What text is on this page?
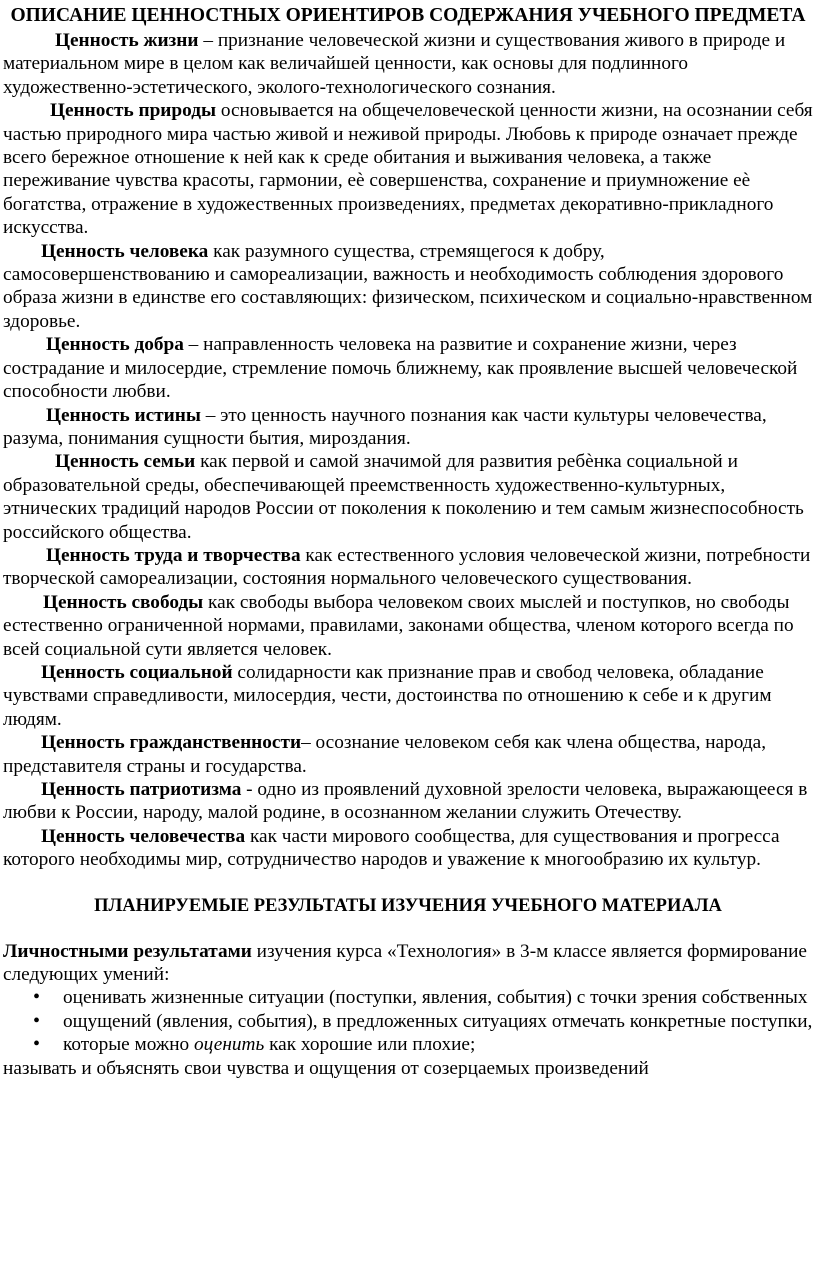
ОПИСАНИЕ ЦЕННОСТНЫХ ОРИЕНТИРОВ СОДЕРЖАНИЯ УЧЕБНОГО ПРЕДМЕТА

Ценность жизни – признание человеческой жизни и существования живого в природе и материальном мире в целом как величайшей ценности, как основы для подлинного художественно-эстетического, эколого-технологического сознания.

Ценность природы основывается на общечеловеческой ценности жизни, на осознании себя частью природного мира частью живой и неживой природы. Любовь к природе означает прежде всего бережное отношение к ней как к среде обитания и выживания человека, а также переживание чувства красоты, гармонии, еѐ совершенства, сохранение и приумножение еѐ богатства, отражение в художественных произведениях, предметах декоративно-прикладного искусства.

Ценность человека как разумного существа, стремящегося к добру, самосовершенствованию и самореализации, важность и необходимость соблюдения здорового образа жизни в единстве его составляющих: физическом, психическом и социально-нравственном здоровье.

Ценность добра – направленность человека на развитие и сохранение жизни, через сострадание и милосердие, стремление помочь ближнему, как проявление высшей человеческой способности любви.

Ценность истины – это ценность научного познания как части культуры человечества, разума, понимания сущности бытия, мироздания.

Ценность семьи как первой и самой значимой для развития ребѐнка социальной и образовательной среды, обеспечивающей преемственность художественно-культурных, этнических традиций народов России от поколения к поколению и тем самым жизнеспособность российского общества.

Ценность труда и творчества как естественного условия человеческой жизни, потребности творческой самореализации, состояния нормального человеческого существования.

Ценность свободы как свободы выбора человеком своих мыслей и поступков, но свободы естественно ограниченной нормами, правилами, законами общества, членом которого всегда по всей социальной сути является человек.

Ценность социальной солидарности как признание прав и свобод человека, обладание чувствами справедливости, милосердия, чести, достоинства по отношению к себе и к другим людям.

Ценность гражданственности– осознание человеком себя как члена общества, народа, представителя страны и государства.

Ценность патриотизма - одно из проявлений духовной зрелости человека, выражающееся в любви к России, народу, малой родине, в осознанном желании служить Отечеству.

Ценность человечества как части мирового сообщества, для существования и прогресса которого необходимы мир, сотрудничество народов и уважение к многообразию их культур.

ПЛАНИРУЕМЫЕ РЕЗУЛЬТАТЫ ИЗУЧЕНИЯ УЧЕБНОГО МАТЕРИАЛА

Личностными результатами изучения курса «Технология» в 3-м классе является формирование следующих умений:

• оценивать жизненные ситуации (поступки, явления, события) с точки зрения собственных
• ощущений (явления, события), в предложенных ситуациях отмечать конкретные поступки,
• которые можно оценить как хорошие или плохие;

называть и объяснять свои чувства и ощущения от созерцаемых произведений
